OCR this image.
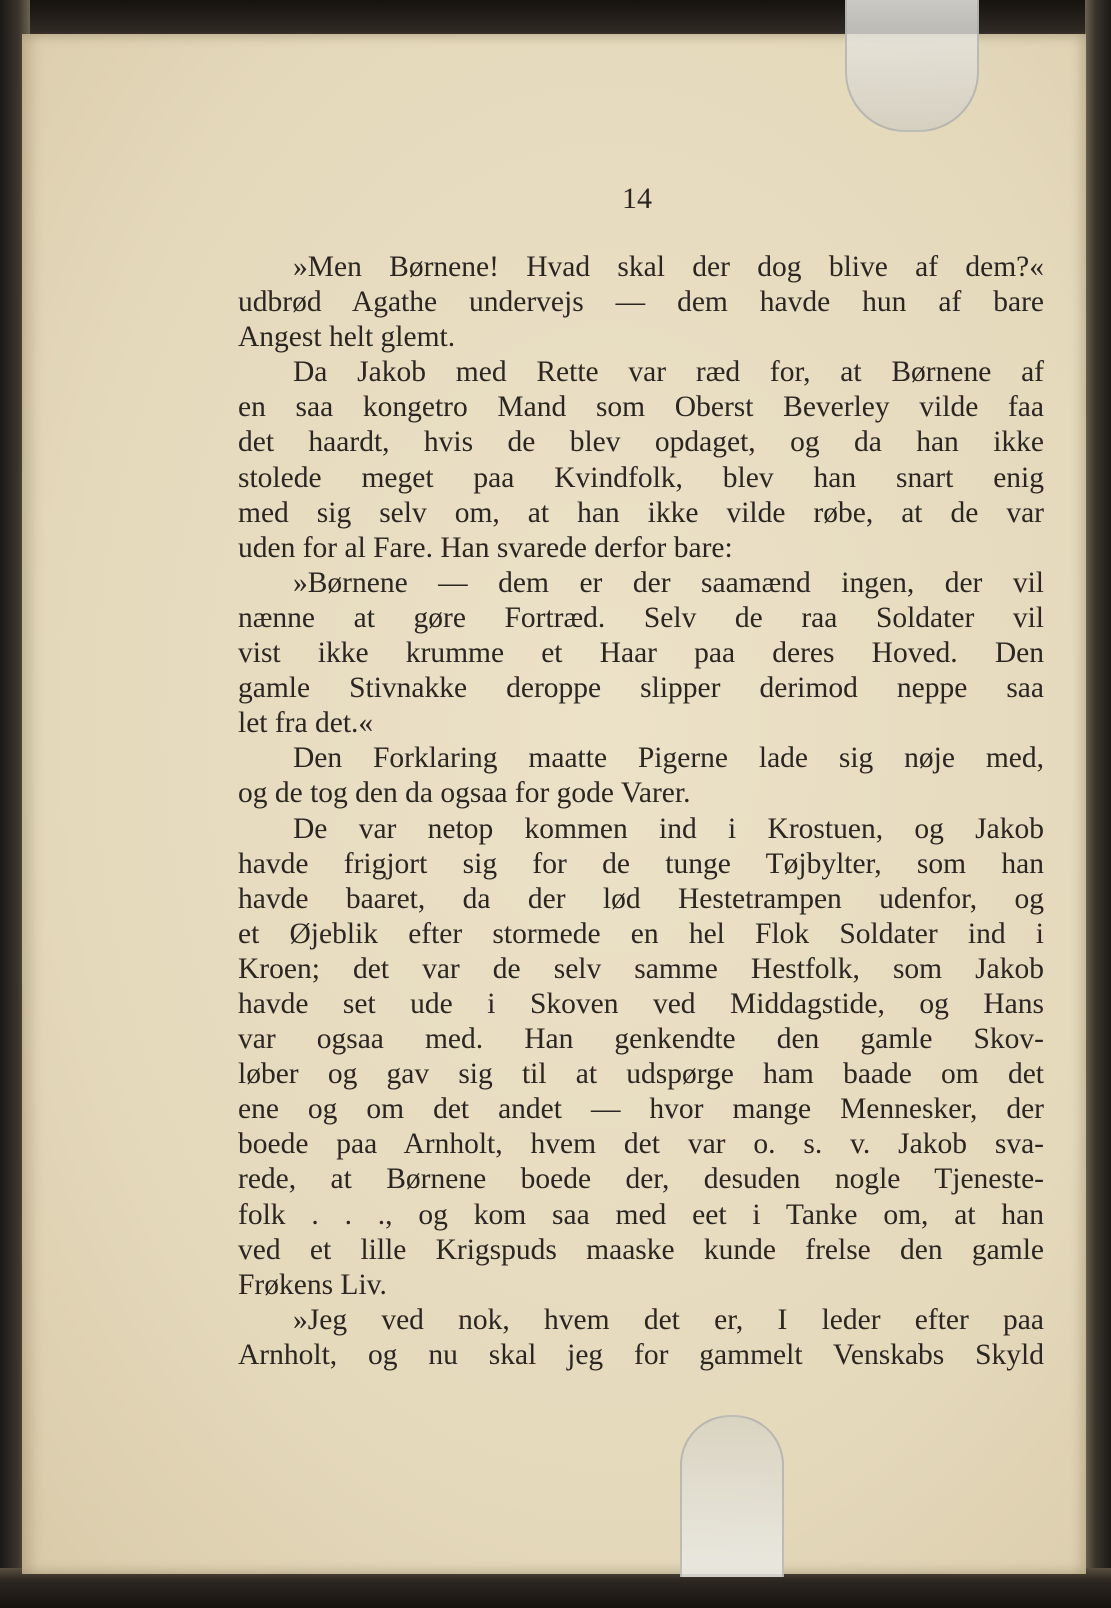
14
»Men Børnene! Hvad skal der dog blive af dem?«
udbrød Agathe undervejs — dem havde hun af bare
Angest helt glemt.
Da Jakob med Rette var ræd for, at Børnene af
en saa kongetro Mand som Oberst Beverley vilde faa
det haardt, hvis de blev opdaget, og da han ikke
stolede meget paa Kvindfolk, blev han snart enig
med sig selv om, at han ikke vilde røbe, at de var
uden for al Fare. Han svarede derfor bare:
»Børnene — dem er der saamænd ingen, der vil
nænne at gøre Fortræd. Selv de raa Soldater vil
vist ikke krumme et Haar paa deres Hoved. Den
gamle Stivnakke deroppe slipper derimod neppe saa
let fra det.«
Den Forklaring maatte Pigerne lade sig nøje med,
og de tog den da ogsaa for gode Varer.
De var netop kommen ind i Krostuen, og Jakob
havde frigjort sig for de tunge Tøjbylter, som han
havde baaret, da der lød Hestetrampen udenfor, og
et Øjeblik efter stormede en hel Flok Soldater ind i
Kroen; det var de selv samme Hestfolk, som Jakob
havde set ude i Skoven ved Middagstide, og Hans
var ogsaa med. Han genkendte den gamle Skov-
løber og gav sig til at udspørge ham baade om det
ene og om det andet — hvor mange Mennesker, der
boede paa Arnholt, hvem det var o. s. v. Jakob sva-
rede, at Børnene boede der, desuden nogle Tjeneste-
folk . . ., og kom saa med eet i Tanke om, at han
ved et lille Krigspuds maaske kunde frelse den gamle
Frøkens Liv.
»Jeg ved nok, hvem det er, I leder efter paa
Arnholt, og nu skal jeg for gammelt Venskabs Skyld
